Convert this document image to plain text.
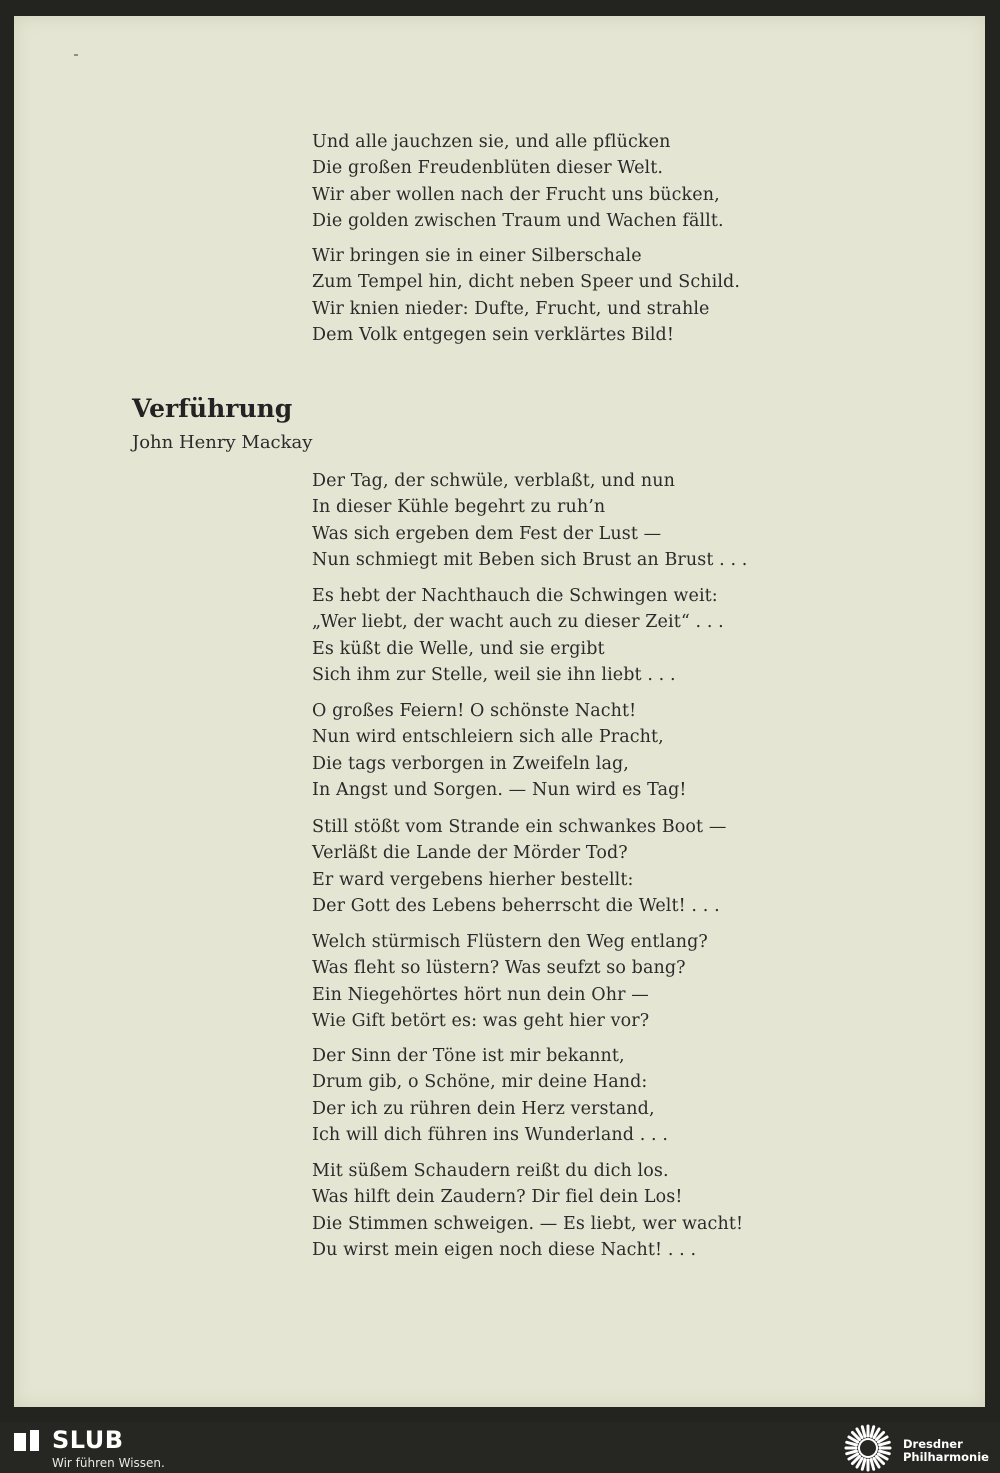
Und alle jauchzen sie, und alle pflücken
Die großen Freudenblüten dieser Welt.
Wir aber wollen nach der Frucht uns bücken,
Die golden zwischen Traum und Wachen fällt.
Wir bringen sie in einer Silberschale
Zum Tempel hin, dicht neben Speer und Schild.
Wir knien nieder: Dufte, Frucht, und strahle
Dem Volk entgegen sein verklärtes Bild!
Verführung
John Henry Mackay
Der Tag, der schwüle, verblaßt, und nun
In dieser Kühle begehrt zu ruh’n
Was sich ergeben dem Fest der Lust —
Nun schmiegt mit Beben sich Brust an Brust . . .
Es hebt der Nachthauch die Schwingen weit:
„Wer liebt, der wacht auch zu dieser Zeit“ . . .
Es küßt die Welle, und sie ergibt
Sich ihm zur Stelle, weil sie ihn liebt . . .
O großes Feiern! O schönste Nacht!
Nun wird entschleiern sich alle Pracht,
Die tags verborgen in Zweifeln lag,
In Angst und Sorgen. — Nun wird es Tag!
Still stößt vom Strande ein schwankes Boot —
Verläßt die Lande der Mörder Tod?
Er ward vergebens hierher bestellt:
Der Gott des Lebens beherrscht die Welt! . . .
Welch stürmisch Flüstern den Weg entlang?
Was fleht so lüstern? Was seufzt so bang?
Ein Niegehörtes hört nun dein Ohr —
Wie Gift betört es: was geht hier vor?
Der Sinn der Töne ist mir bekannt,
Drum gib, o Schöne, mir deine Hand:
Der ich zu rühren dein Herz verstand,
Ich will dich führen ins Wunderland . . .
Mit süßem Schaudern reißt du dich los.
Was hilft dein Zaudern? Dir fiel dein Los!
Die Stimmen schweigen. — Es liebt, wer wacht!
Du wirst mein eigen noch diese Nacht! . . .
SLUB
Wir führen Wissen.
Dresdner
Philharmonie
